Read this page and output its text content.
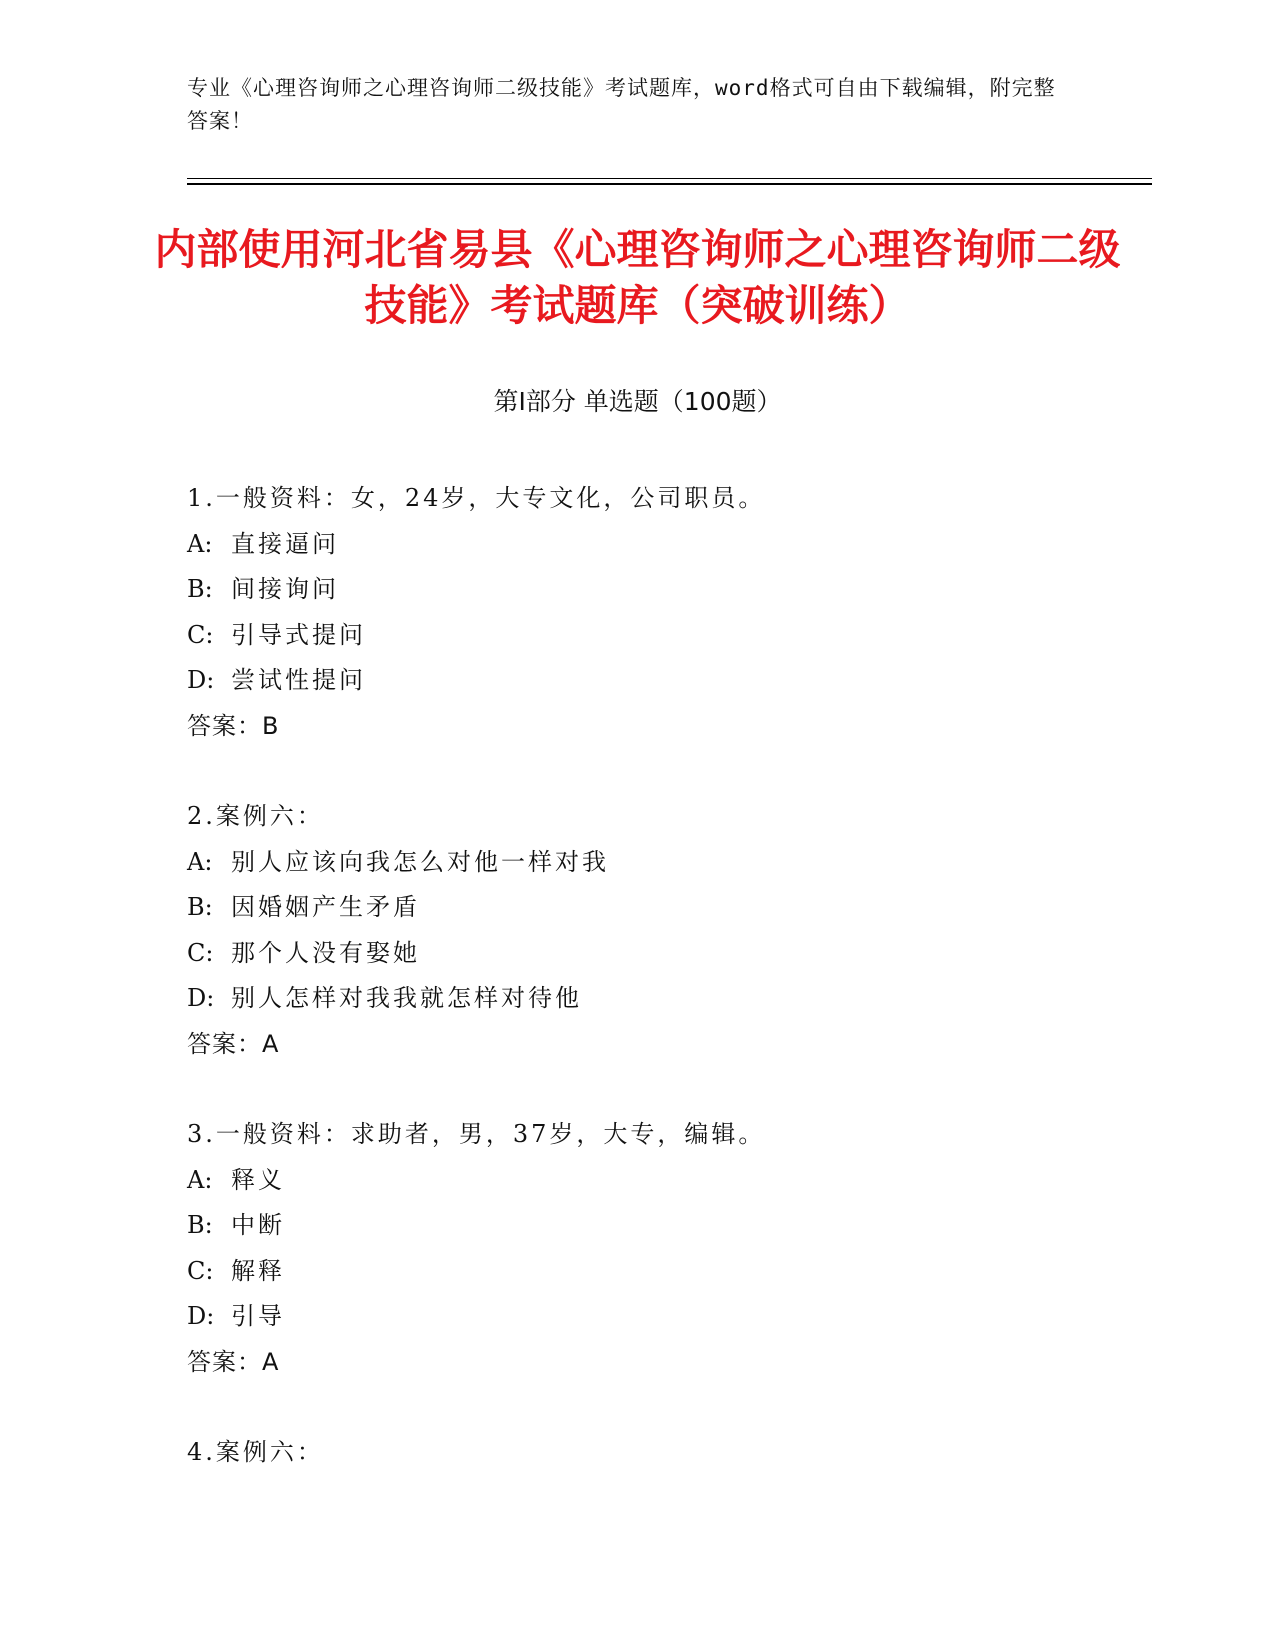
专业《心理咨询师之心理咨询师二级技能》考试题库，word格式可自由下载编辑，附完整答案！
内部使用河北省易县《心理咨询师之心理咨询师二级技能》考试题库（突破训练）
第Ⅰ部分 单选题（100题）
1.一般资料：女，24岁，大专文化，公司职员。
A: 直接逼问
B: 间接询问
C: 引导式提问
D: 尝试性提问
答案：B
2.案例六：
A: 别人应该向我怎么对他一样对我
B: 因婚姻产生矛盾
C: 那个人没有娶她
D: 别人怎样对我我就怎样对待他
答案：A
3.一般资料：求助者，男，37岁，大专，编辑。
A: 释义
B: 中断
C: 解释
D: 引导
答案：A
4.案例六：
